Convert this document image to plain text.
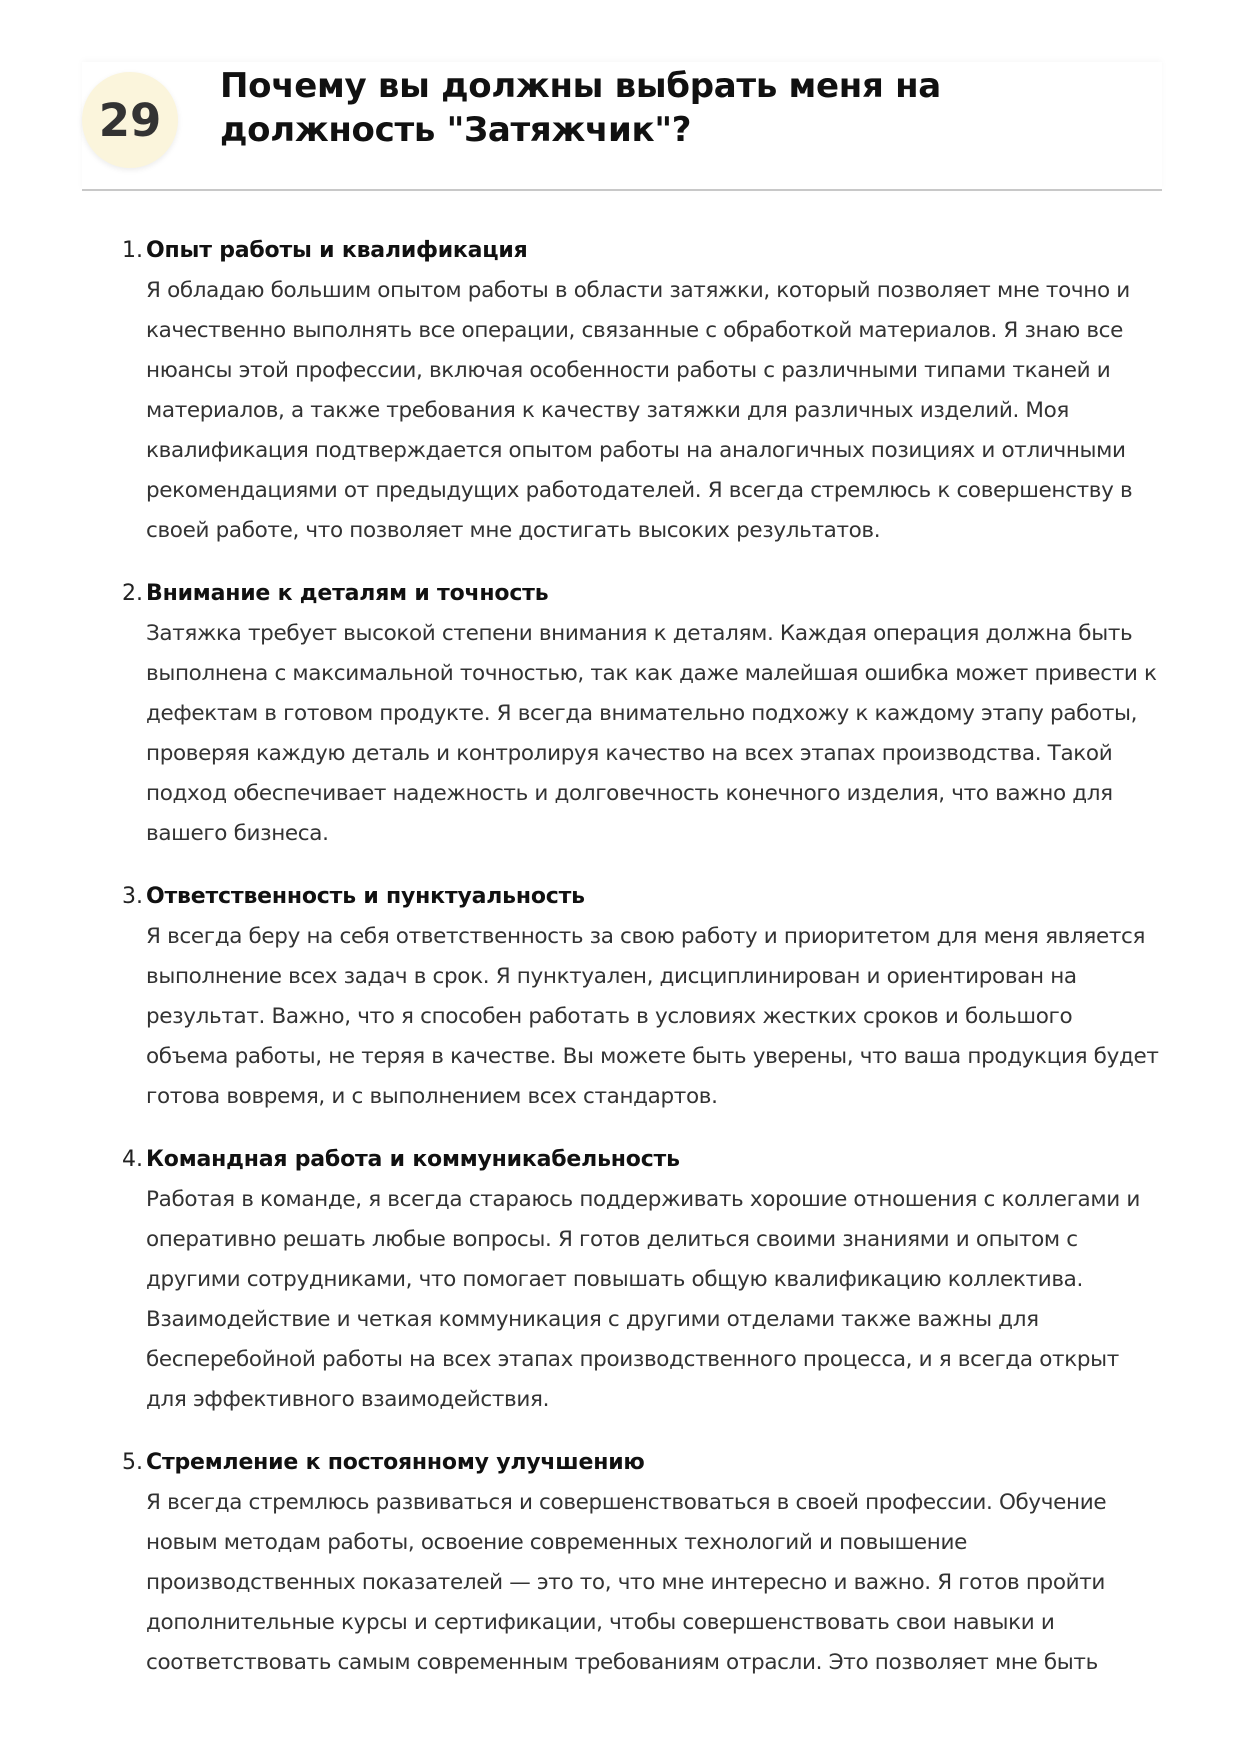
29
Почему вы должны выбрать меня на должность "Затяжчик"?
1. Опыт работы и квалификация

Я обладаю большим опытом работы в области затяжки, который позволяет мне точно и качественно выполнять все операции, связанные с обработкой материалов. Я знаю все нюансы этой профессии, включая особенности работы с различными типами тканей и материалов, а также требования к качеству затяжки для различных изделий. Моя квалификация подтверждается опытом работы на аналогичных позициях и отличными рекомендациями от предыдущих работодателей. Я всегда стремлюсь к совершенству в своей работе, что позволяет мне достигать высоких результатов.

2. Внимание к деталям и точность

Затяжка требует высокой степени внимания к деталям. Каждая операция должна быть выполнена с максимальной точностью, так как даже малейшая ошибка может привести к дефектам в готовом продукте. Я всегда внимательно подхожу к каждому этапу работы, проверяя каждую деталь и контролируя качество на всех этапах производства. Такой подход обеспечивает надежность и долговечность конечного изделия, что важно для вашего бизнеса.

3. Ответственность и пунктуальность

Я всегда беру на себя ответственность за свою работу и приоритетом для меня является выполнение всех задач в срок. Я пунктуален, дисциплинирован и ориентирован на результат. Важно, что я способен работать в условиях жестких сроков и большого объема работы, не теряя в качестве. Вы можете быть уверены, что ваша продукция будет готова вовремя, и с выполнением всех стандартов.

4. Командная работа и коммуникабельность

Работая в команде, я всегда стараюсь поддерживать хорошие отношения с коллегами и оперативно решать любые вопросы. Я готов делиться своими знаниями и опытом с другими сотрудниками, что помогает повышать общую квалификацию коллектива. Взаимодействие и четкая коммуникация с другими отделами также важны для бесперебойной работы на всех этапах производственного процесса, и я всегда открыт для эффективного взаимодействия.

5. Стремление к постоянному улучшению

Я всегда стремлюсь развиваться и совершенствоваться в своей профессии. Обучение новым методам работы, освоение современных технологий и повышение производственных показателей — это то, что мне интересно и важно. Я готов пройти дополнительные курсы и сертификации, чтобы совершенствовать свои навыки и соответствовать самым современным требованиям отрасли. Это позволяет мне быть
